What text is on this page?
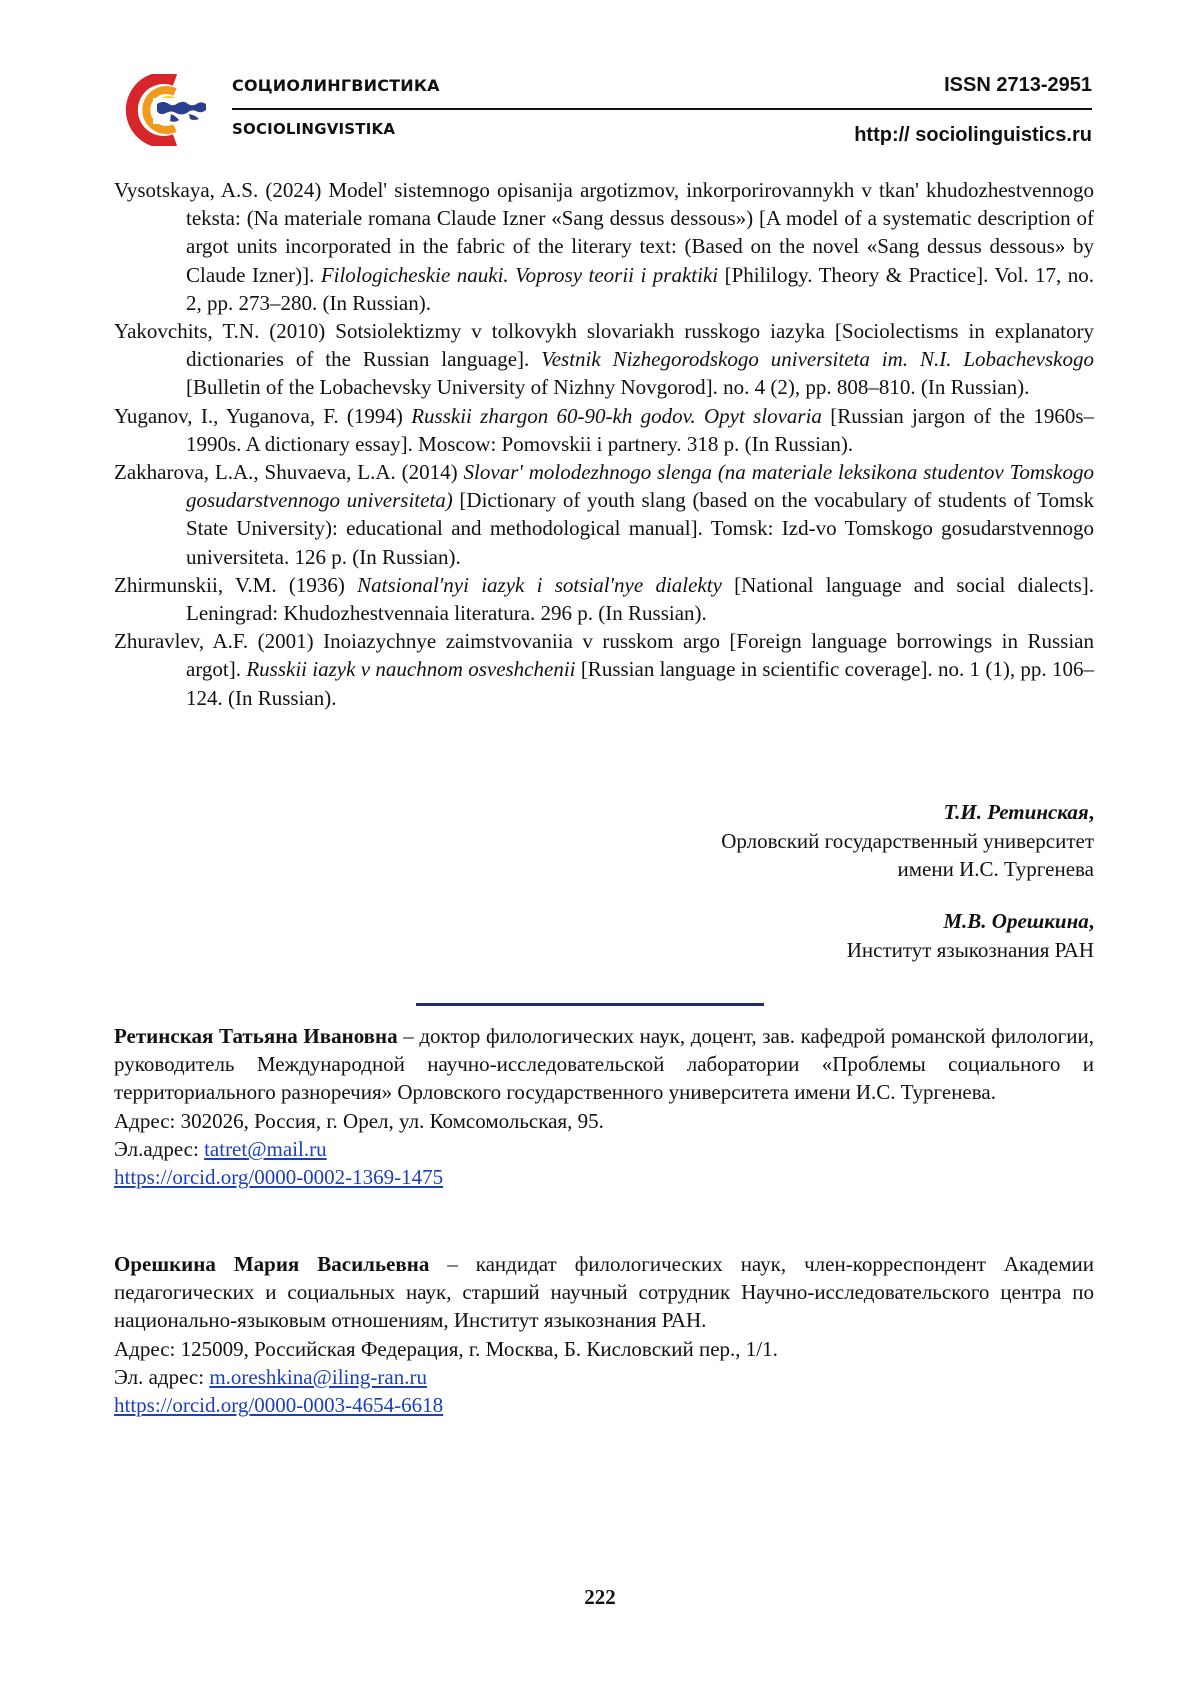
СОЦИОЛИНГВИСТИКА
SOCIOLINGVISTIKA
ISSN 2713-2951
http:// sociolinguistics.ru

Vysotskaya, A.S. (2024) Model' sistemnogo opisanija argotizmov, inkorporirovannykh v tkan' khudozhestvennogo teksta: (Na materiale romana Claude Izner «Sang dessus dessous») [A model of a systematic description of argot units incorporated in the fabric of the literary text: (Based on the novel «Sang dessus dessous» by Claude Izner)]. Filologicheskie nauki. Voprosy teorii i praktiki [Phililogy. Theory & Practice]. Vol. 17, no. 2, pp. 273–280. (In Russian).

Yakovchits, T.N. (2010) Sotsiolektizmy v tolkovykh slovariakh russkogo iazyka [Sociolectisms in explanatory dictionaries of the Russian language]. Vestnik Nizhegorodskogo universiteta im. N.I. Lobachevskogo [Bulletin of the Lobachevsky University of Nizhny Novgorod]. no. 4 (2), pp. 808–810. (In Russian).

Yuganov, I., Yuganova, F. (1994) Russkii zhargon 60-90-kh godov. Opyt slovaria [Russian jargon of the 1960s–1990s. A dictionary essay]. Moscow: Pomovskii i partnery. 318 p. (In Russian).

Zakharova, L.A., Shuvaeva, L.A. (2014) Slovar' molodezhnogo slenga (na materiale leksikona studentov Tomskogo gosudarstvennogo universiteta) [Dictionary of youth slang (based on the vocabulary of students of Tomsk State University): educational and methodological manual]. Tomsk: Izd-vo Tomskogo gosudarstvennogo universiteta. 126 p. (In Russian).

Zhirmunskii, V.M. (1936) Natsional'nyi iazyk i sotsial'nye dialekty [National language and social dialects]. Leningrad: Khudozhestvennaia literatura. 296 p. (In Russian).

Zhuravlev, A.F. (2001) Inoiazychnye zaimstvovaniia v russkom argo [Foreign language borrowings in Russian argot]. Russkii iazyk v nauchnom osveshchenii [Russian language in scientific coverage]. no. 1 (1), pp. 106–124. (In Russian).

Т.И. Ретинская,
Орловский государственный университет
имени И.С. Тургенева
М.В. Орешкина,
Институт языкознания РАН

Ретинская Татьяна Ивановна – доктор филологических наук, доцент, зав. кафедрой романской филологии, руководитель Международной научно-исследовательской лаборатории «Проблемы социального и территориального разноречия» Орловского государственного университета имени И.С. Тургенева.

Адрес: 302026, Россия, г. Орел, ул. Комсомольская, 95.

Эл.адрес: tatret@mail.ru

https://orcid.org/0000-0002-1369-1475

Орешкина Мария Васильевна – кандидат филологических наук, член-корреспондент Академии педагогических и социальных наук, старший научный сотрудник Научно-исследовательского центра по национально-языковым отношениям, Институт языкознания РАН.

Адрес: 125009, Российская Федерация, г. Москва, Б. Кисловский пер., 1/1.

Эл. адрес: m.oreshkina@iling-ran.ru

https://orcid.org/0000-0003-4654-6618

222
